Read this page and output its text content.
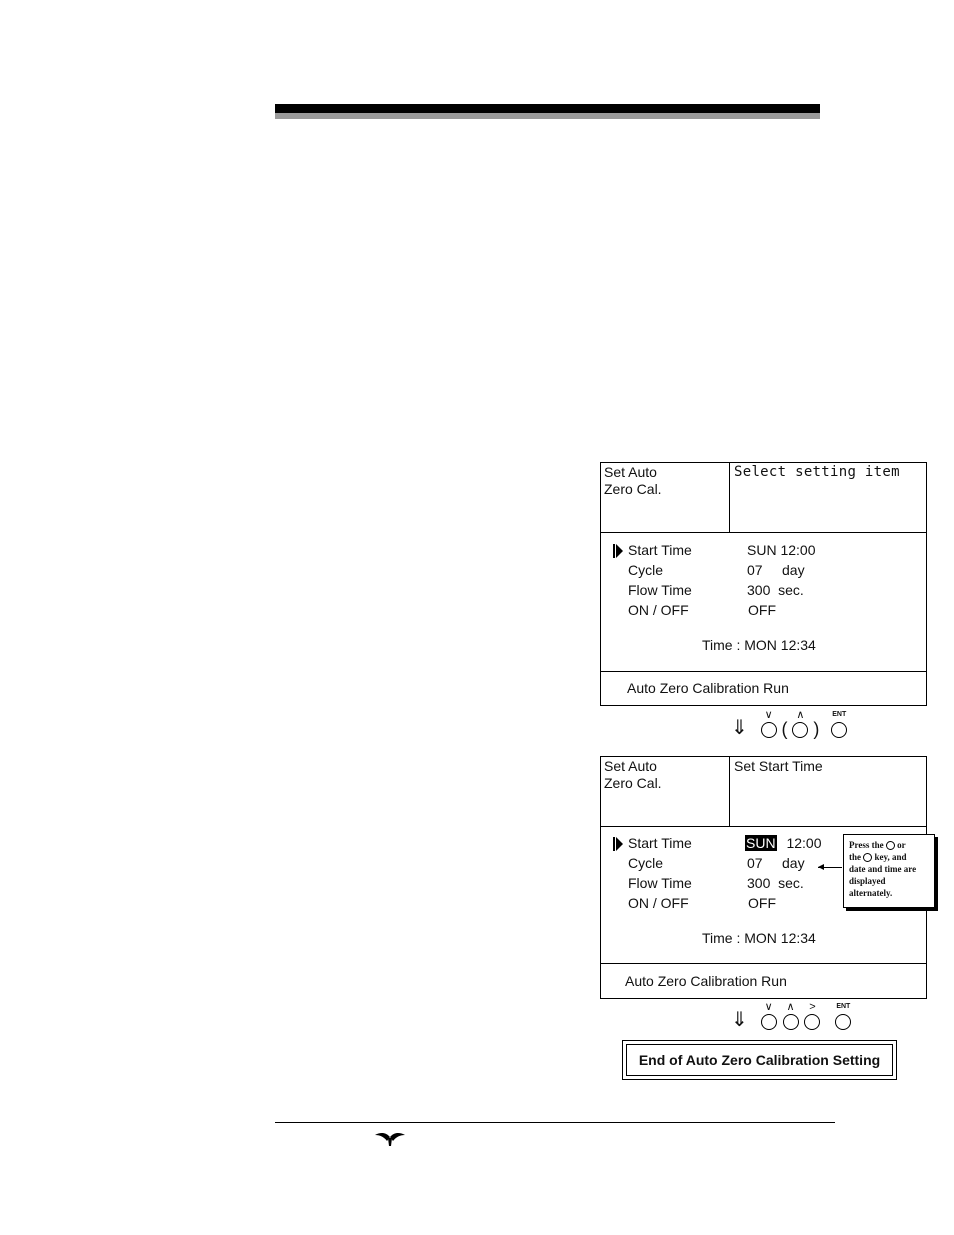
Set Auto
Zero Cal.
Select setting item
Start Time	SUN 12:00
Cycle	07     day
Flow Time	300  sec.
ON / OFF	OFF
Time : MON 12:34
Auto Zero Calibration Run
⇓
∨
(
∧
)
ENT
Set Auto
Zero Cal.
Set Start Time
Start Time	SUN 12:00
Cycle	07     day
Flow Time	300  sec.
ON / OFF	OFF
Time : MON 12:34
Auto Zero Calibration Run
Press the or
the key, and
date and time are
displayed
alternately.
⇓
∨
∧
>
	ENT
End of Auto Zero Calibration Setting
